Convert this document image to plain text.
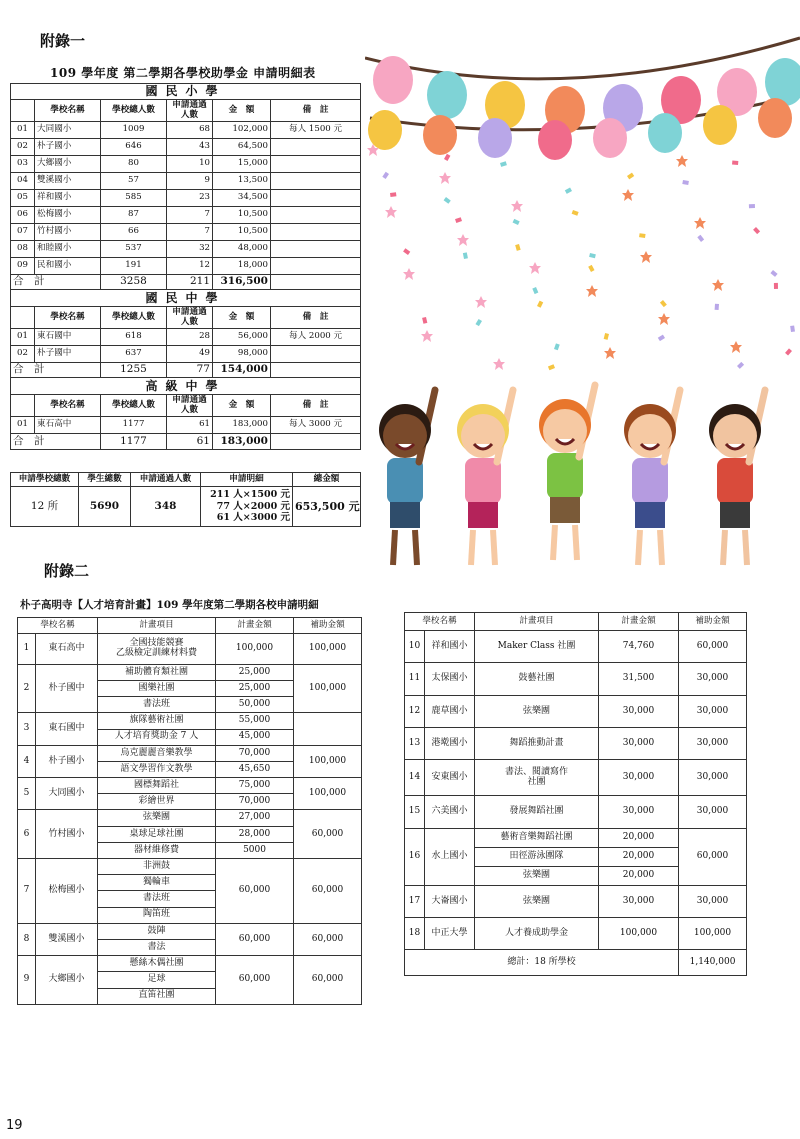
附錄一
109 學年度 第二學期各學校助學金 申請明細表
國民小學					
	學校名稱	學校總人數	申請通過
人數	金　額	備　註
01	大同國小	1009	68	102,000	每人 1500 元
02	朴子國小	646	43	64,500	
03	大鄉國小	80	10	15,000	
04	雙溪國小	57	9	13,500	
05	祥和國小	585	23	34,500	
06	松梅國小	87	7	10,500	
07	竹村國小	66	7	10,500	
08	和睦國小	537	32	48,000	
09	民和國小	191	12	18,000	
合　計		3258	211	316,500	
國民中學					
	學校名稱	學校總人數	申請通過
人數	金　額	備　註
01	東石國中	618	28	56,000	每人 2000 元
02	朴子國中	637	49	98,000	
合　計		1255	77	154,000	
高級中學					
	學校名稱	學校總人數	申請通過
人數	金　額	備　註
01	東石高中	1177	61	183,000	每人 3000 元
合　計		1177	61	183,000	
申請學校總數	學生總數	申請通過人數	申請明細	總金額
12 所	5690	348	211 人×1500 元
77 人×2000 元
61 人×3000 元	653,500 元
附錄二
朴子高明寺【人才培育計畫】109 學年度第二學期各校申請明細
學校名稱		計畫項目	計畫金額	補助金額
1	東石高中	全國技能競賽
乙級檢定訓練材料費	100,000	100,000
2	朴子國中	補助體育類社團	25,000	100,000
		國樂社團	25,000	
		書法班	50,000	
3	東石國中	旗隊藝術社團	55,000	
		人才培育獎助金 7 人	45,000	
4	朴子國小	烏克麗麗音樂教學	70,000	100,000
		語文學習作文教學	45,650	
5	大同國小	國標舞蹈社	75,000	100,000
		彩繪世界	70,000	
6	竹村國小	弦樂團	27,000	60,000
		桌球足球社團	28,000	
		器材維修費	5000	
7	松梅國小	非洲鼓	60,000	60,000
		獨輪車		
		書法班		
		陶笛班		
8	雙溪國小	鼓陣	60,000	60,000
		書法		
9	大鄉國小	懸絲木偶社團	60,000	60,000
		足球		
		直笛社團		
學校名稱		計畫項目	計畫金額	補助金額
10	祥和國小	Maker Class 社團	74,760	60,000
11	太保國小	鼓藝社團	31,500	30,000
12	鹿草國小	弦樂團	30,000	30,000
13	港墘國小	舞蹈推動計畫	30,000	30,000
14	安東國小	書法、閱讀寫作
社團	30,000	30,000
15	六美國小	發展舞蹈社團	30,000	30,000
16	水上國小	藝術音樂舞蹈社團	20,000	60,000
		田徑游泳團隊	20,000	
		弦樂團	20,000	
17	大崙國小	弦樂團	30,000	30,000
18	中正大學	人才養成助學金	100,000	100,000
總計：18 所學校				1,140,000
19
